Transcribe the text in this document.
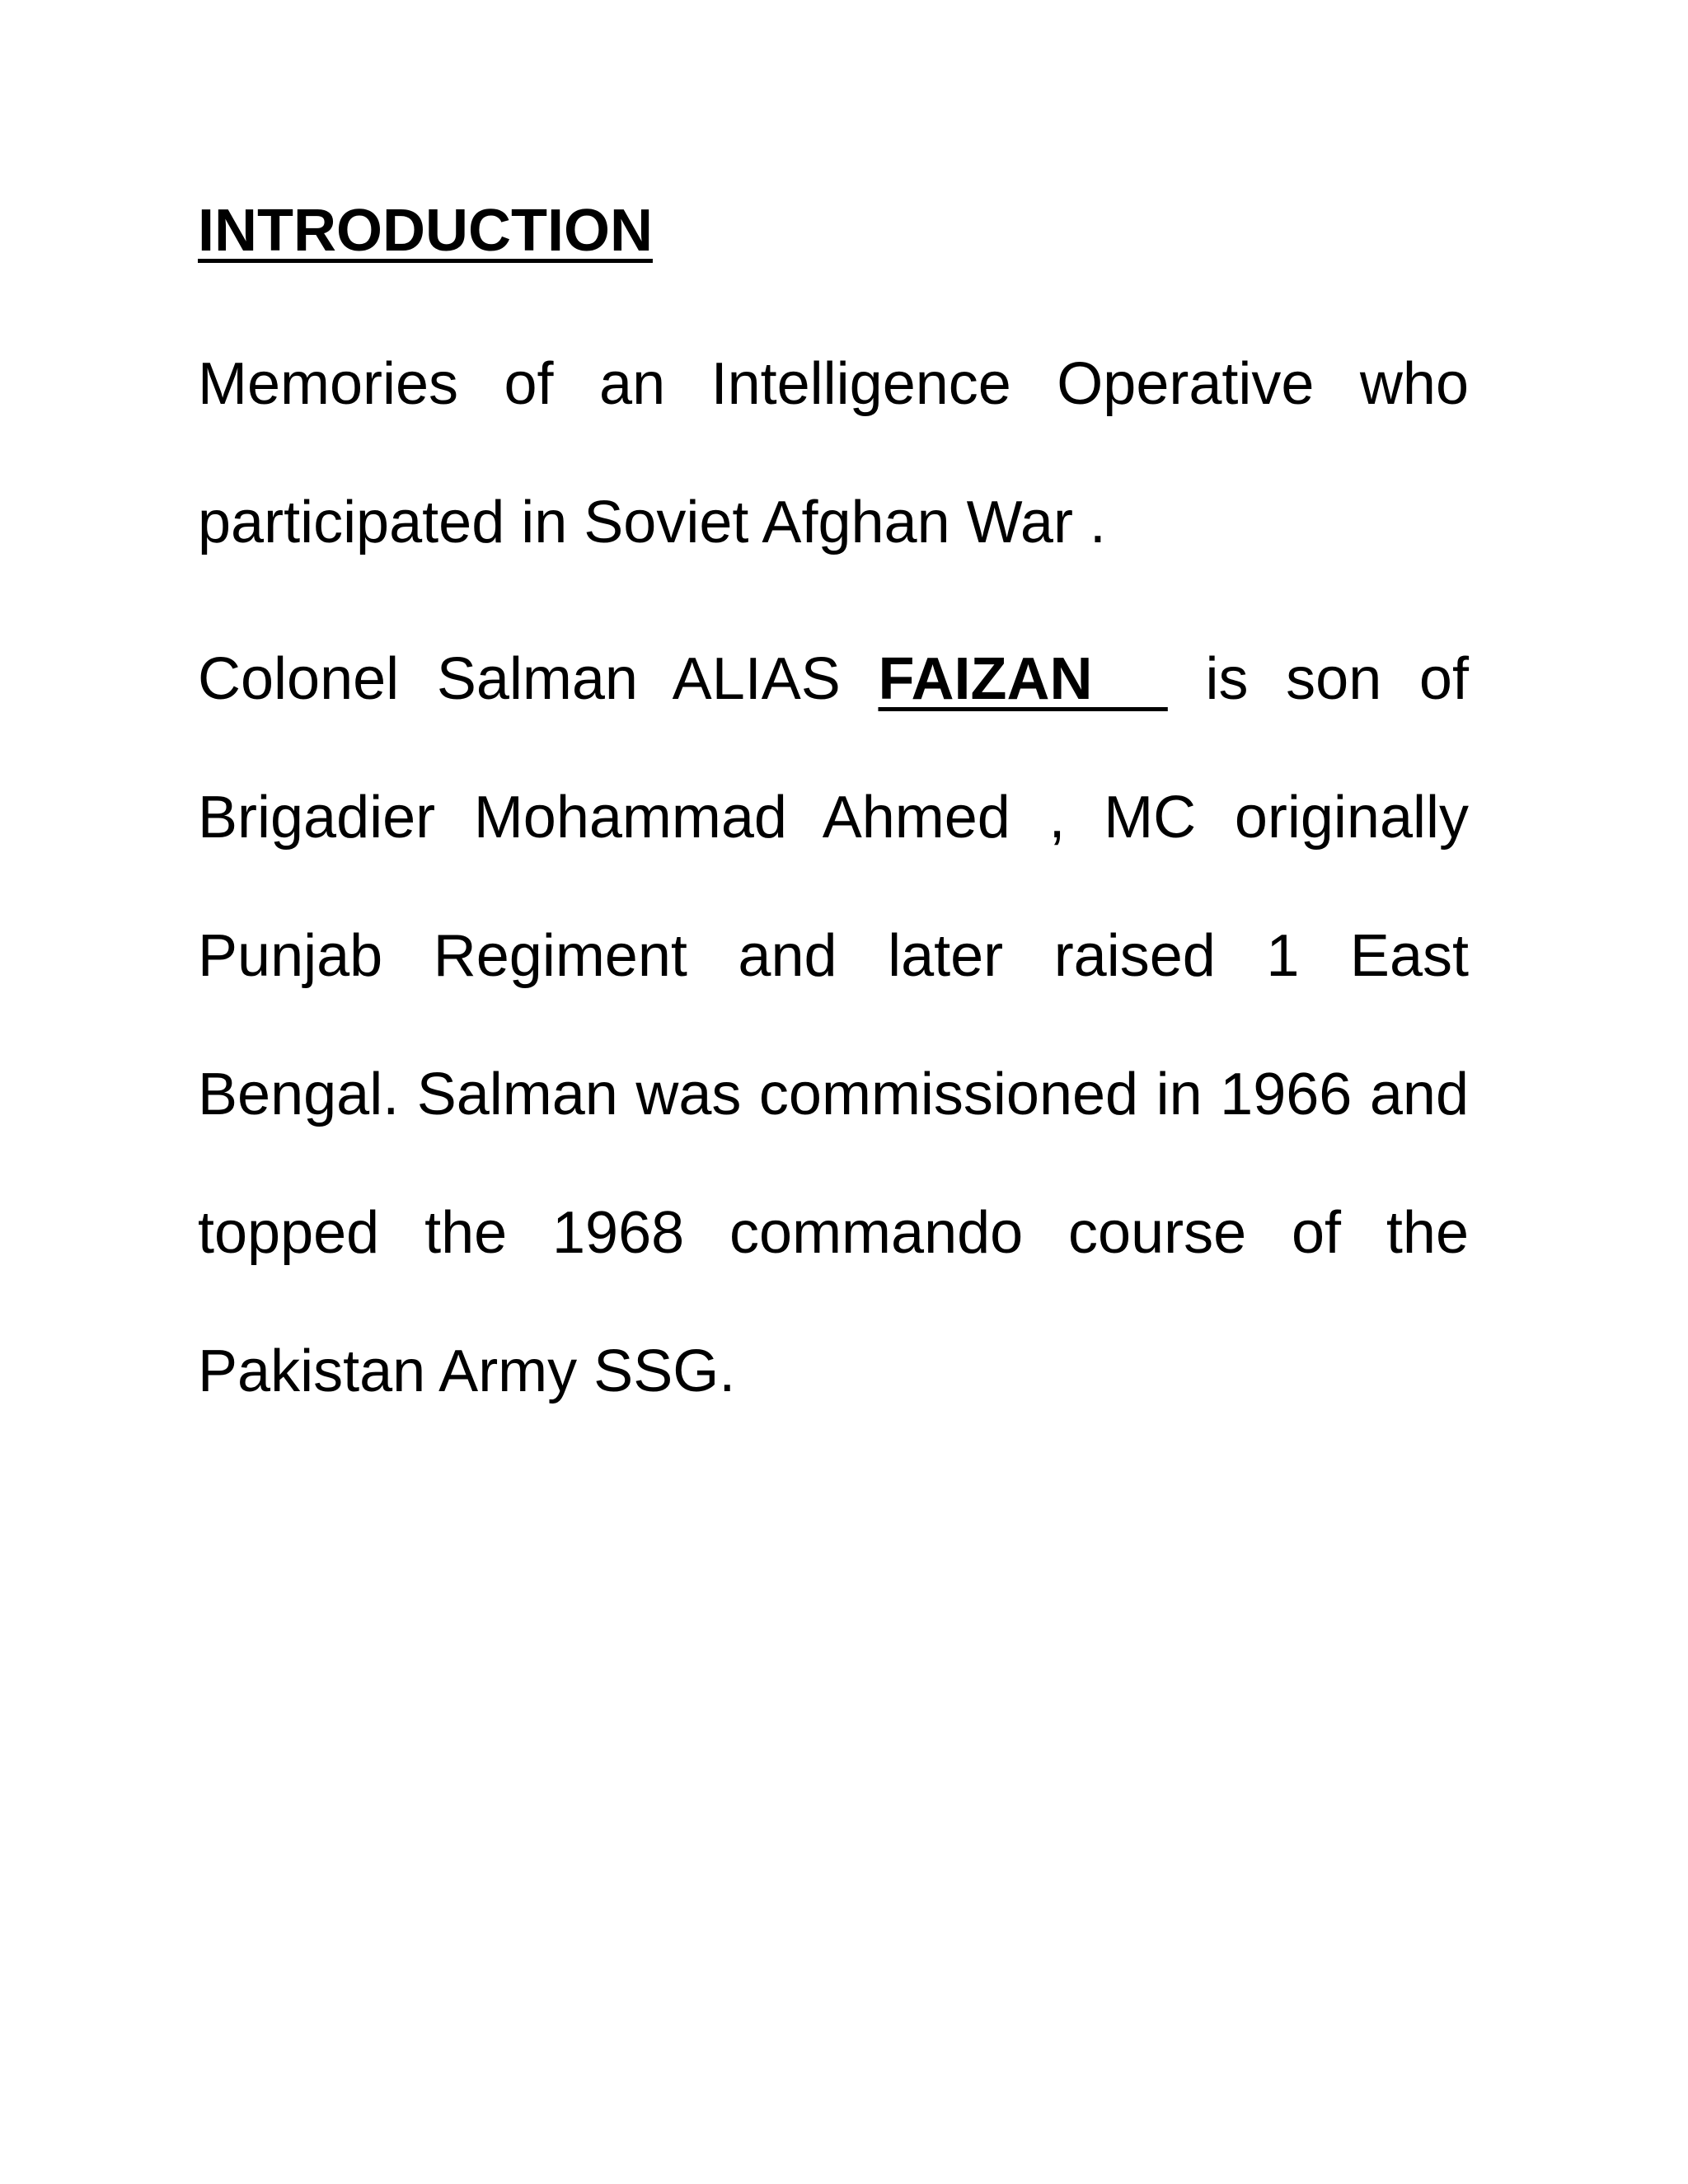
INTRODUCTION

Memories of an Intelligence Operative who participated in Soviet Afghan War .

Colonel Salman ALIAS FAIZAN   is son of Brigadier Mohammad Ahmed , MC originally Punjab Regiment and later raised 1 East Bengal. Salman was commissioned in 1966 and topped the 1968 commando course of the Pakistan Army SSG.
